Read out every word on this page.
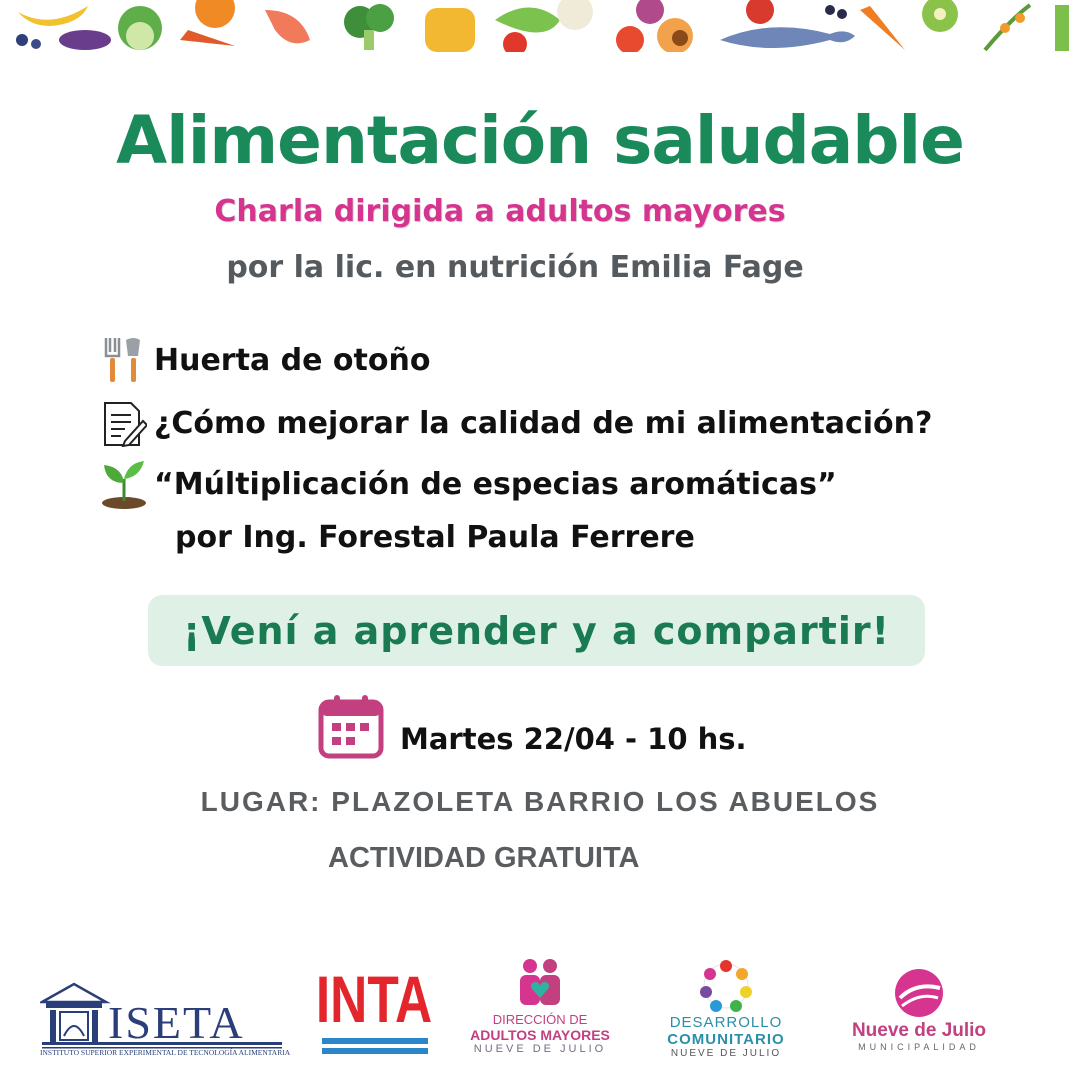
Alimentación saludable
Charla dirigida a adultos mayores
por la lic. en nutrición Emilia Fage
Huerta de otoño
¿Cómo mejorar la calidad de mi alimentación?
“Múltiplicación de especias aromáticas”
por Ing. Forestal Paula Ferrere
¡Vení a aprender y a compartir!
Martes 22/04 - 10 hs.
LUGAR: PLAZOLETA BARRIO LOS ABUELOS
ACTIVIDAD GRATUITA
ISETA
INSTITUTO SUPERIOR EXPERIMENTAL DE TECNOLOGÍA ALIMENTARIA
INTA	DIRECCIÓN DE
ADULTOS MAYORES
NUEVE DE JULIO
DESARROLLO
COMUNITARIO
NUEVE DE JULIO
Nueve de Julio
MUNICIPALIDAD
